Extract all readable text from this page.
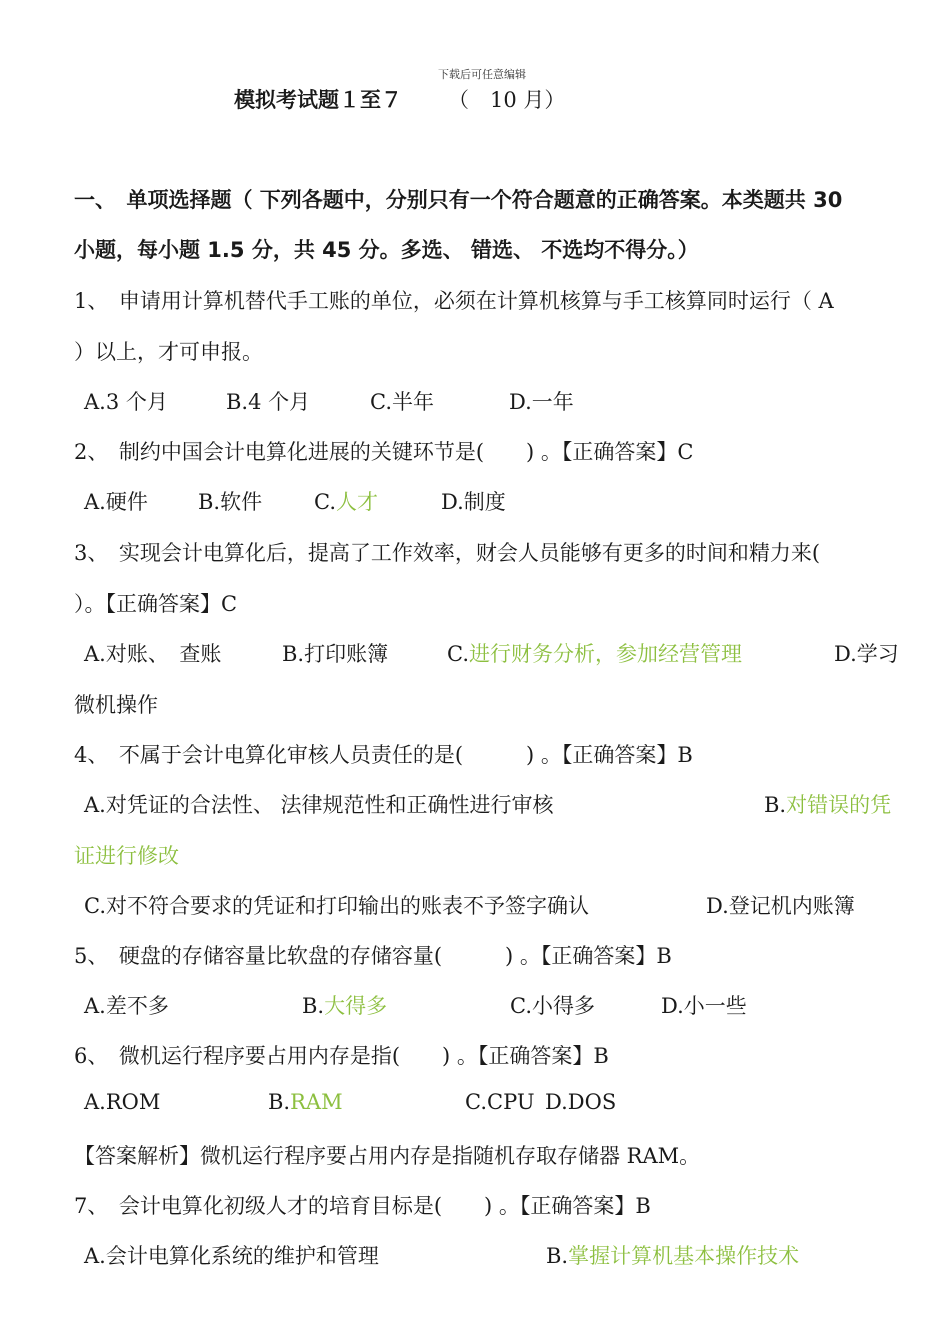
下载后可任意编辑
模拟考试题１至７ （　10 月）
一、　单项选择题（ 下列各题中，分别只有一个符合题意的正确答案。本类题共 30
小题，每小题 1.5 分，共 45 分。多选、 错选、 不选均不得分。）
1、　申请用计算机替代手工账的单位，必须在计算机核算与手工核算同时运行（ A
）以上，才可申报。
A.3 个月	B.4 个月	C.半年	D.一年
2、　制约中国会计电算化进展的关键环节是(　　) 。【正确答案】C
A.硬件 B.软件 C.人才	D.制度
3、　实现会计电算化后，提高了工作效率，财会人员能够有更多的时间和精力来(
）。【正确答案】C
A.对账、　查账	B.打印账簿	C.进行财务分析，参加经营管理	D.学习
微机操作
4、　不属于会计电算化审核人员责任的是(　　　) 。【正确答案】B
A.对凭证的合法性、 法律规范性和正确性进行审核	B.对错误的凭
证进行修改
C.对不符合要求的凭证和打印输出的账表不予签字确认	D.登记机内账簿
5、　硬盘的存储容量比软盘的存储容量(　　　) 。【正确答案】B
A.差不多	B.大得多	C.小得多	D.小一些
6、　微机运行程序要占用内存是指(　　) 。【正确答案】B
A.ROM	B.RAM	C.CPU D.DOS
【答案解析】微机运行程序要占用内存是指随机存取存储器 RAM。
7、　会计电算化初级人才的培育目标是(　　) 。【正确答案】B
A.会计电算化系统的维护和管理	B.掌握计算机基本操作技术
